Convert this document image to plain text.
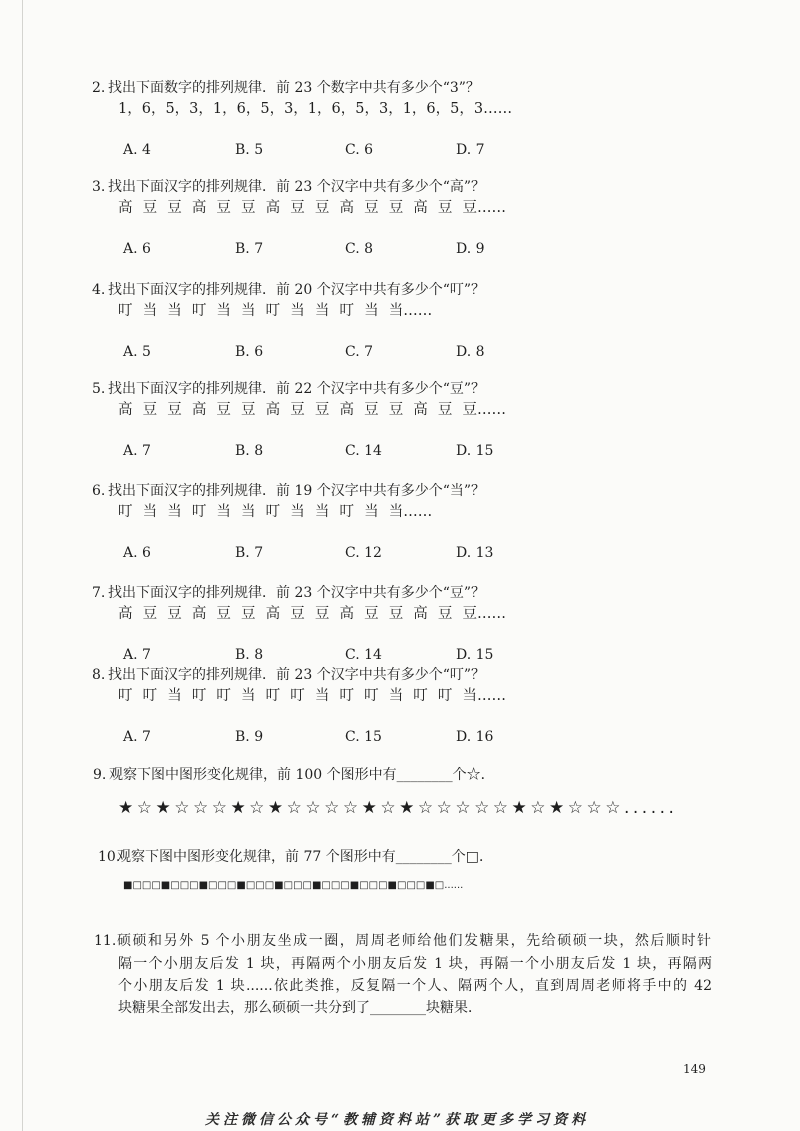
2. 找出下面数字的排列规律．前 23 个数字中共有多少个“3”？
1，6，5，3，1，6，5，3，1，6，5，3，1，6，5，3……
A. 4	B. 5	C. 6	D. 7
3. 找出下面汉字的排列规律．前 23 个汉字中共有多少个“高”？
高 豆 豆 高 豆 豆 高 豆 豆 高 豆 豆 高 豆 豆……
A. 6	B. 7	C. 8	D. 9
4. 找出下面汉字的排列规律．前 20 个汉字中共有多少个“叮”？
叮 当 当 叮 当 当 叮 当 当 叮 当 当……
A. 5	B. 6	C. 7	D. 8
5. 找出下面汉字的排列规律．前 22 个汉字中共有多少个“豆”？
高 豆 豆 高 豆 豆 高 豆 豆 高 豆 豆 高 豆 豆……
A. 7	B. 8	C. 14	D. 15
6. 找出下面汉字的排列规律．前 19 个汉字中共有多少个“当”？
叮 当 当 叮 当 当 叮 当 当 叮 当 当……
A. 6	B. 7	C. 12	D. 13
7. 找出下面汉字的排列规律．前 23 个汉字中共有多少个“豆”？
高 豆 豆 高 豆 豆 高 豆 豆 高 豆 豆 高 豆 豆……
A. 7	B. 8	C. 14	D. 15
8. 找出下面汉字的排列规律．前 23 个汉字中共有多少个“叮”？
叮 叮 当 叮 叮 当 叮 叮 当 叮 叮 当 叮 叮 当……
A. 7	B. 9	C. 15	D. 16
9. 观察下图中图形变化规律，前 100 个图形中有________个☆．
★☆★☆☆☆★☆★☆☆☆☆★☆★☆☆☆☆☆★☆★☆☆☆......
10.
观察下图中图形变化规律，前 77 个图形中有________个□．
■□□□■□□□■□□□■□□□■□□□■□□□■□□□■□□□■□......
11. 硕硕和另外 5 个小朋友坐成一圈，周周老师给他们发糖果，先给硕硕一块，然后顺时针
隔一个小朋友后发 1 块，再隔两个小朋友后发 1 块，再隔一个小朋友后发 1 块，再隔两
个小朋友后发 1 块......依此类推，反复隔一个人、隔两个人，直到周周老师将手中的 42
块糖果全部发出去，那么硕硕一共分到了________块糖果．
149
关注微信公众号“教辅资料站”获取更多学习资料
